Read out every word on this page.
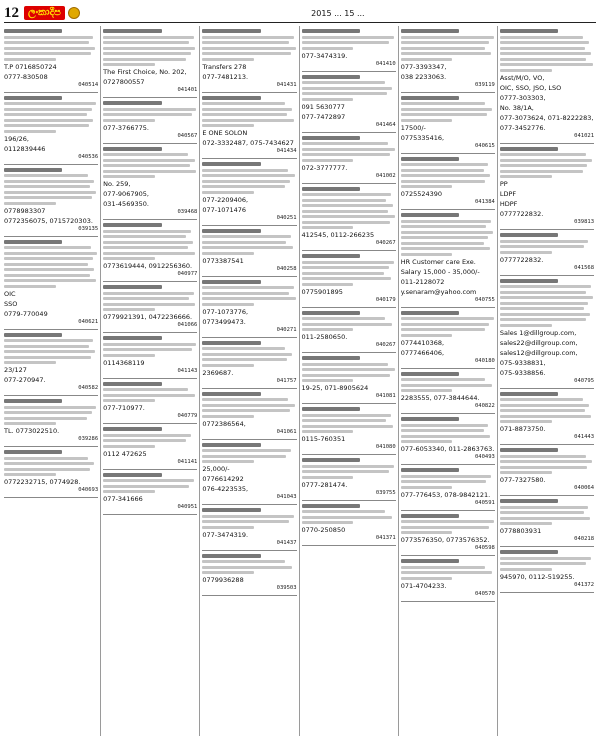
12 ලංකාදීප	2015 ... 15 ...
T.P 0716850724
0777-830508
040514
196/26,
0112839446
040536
0778983307
0772356075, 0715720303.
039135
OIC
SSO
0779-770049
040621
23/127
077-270947.
040582
TL. 0773022510.
039286
0772232715, 0774928.
040693
The First Choice, No. 202,
0727800557
041401
077-3766775.
040567
No. 259,
077-9067905,
031-4569350.
039468
0773619444, 0912256360.
040977
0779921391, 0472236666.
041066
0114368119
041143
077-710977.
040779
0112 472625
041141
077-341666
040951
Transfers 278
077-7481213.
041431
E ONE SOLON
072-3332487, 075-7434627
041434
077-2209406,
077-1071476
040251
0773387541
040258
077-1073776,
0773499473.
040271
2369687.
041757
0772386564,
041061
25,000/-
0776614292
076-4223535,
041043
077-3474319.
041437
0779936288
039503
077-3474319.
041410
091 5630777
077-7472897
041464
072-3777777.
041002
412545, 0112-266235
040267
0775901895
040179
011-2580650.
040267
19-25, 071-8905624
041081
0115-760351
041080
0777-281474.
039755
0770-250850
041371
077-3393347,
038 2233063.
039119
17500/-
0775335416,
040615
0725524390
041384
HR Customer care Exe.
Salary 15,000 - 35,000/-
011-2128072
y.senaram@yahoo.com
040755
0774410368,
0777466406,
040180
2283555, 077-3844644.
040822
077-6053340, 011-2863763.
040493
077-776453, 078-9842121.
040591
0773576350, 0773576352.
040598
071-4704233.
040570
Asst/M/O, VO,
OIC, SSO, JSO, LSO
0777-303303,
No. 38/1A,
077-3073624, 071-8222283,
077-3452776.
041021
PP
LDPF
HDPF
0777722832.
039813
0777722832.
041568
Sales 1@dillgroup.com,
sales22@dillgroup.com,
sales12@dillgroup.com,
075-9338831,
075-9338856.
040795
071-8873750.
041443
077-7327580.
040064
0778803931
040218
945970, 0112-519255.
041372
